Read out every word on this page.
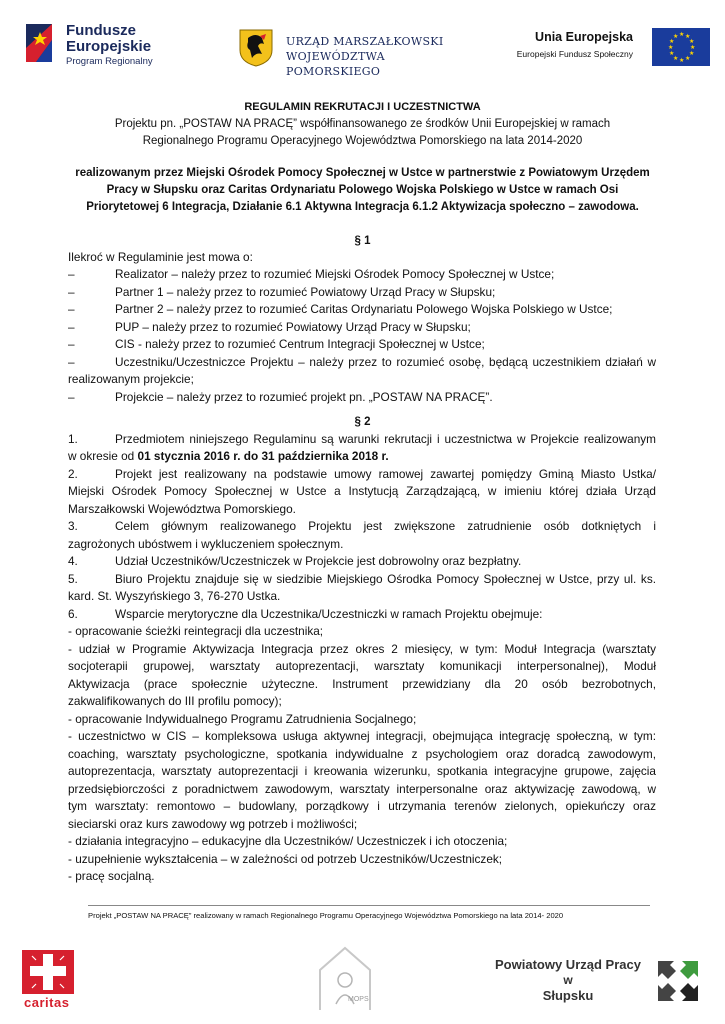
Fundusze
Europejskie
Program Regionalny
URZĄD MARSZAŁKOWSKI
WOJEWÓDZTWA POMORSKIEGO
Unia Europejska
Europejski Fundusz Społeczny
★ ★
★
★
★
★
★
★
★
★
★
★
REGULAMIN REKRUTACJI I UCZESTNICTWA
Projektu pn. „POSTAW NA PRACĘ” współfinansowanego ze środków Unii Europejskiej w ramach
Regionalnego Programu Operacyjnego Województwa Pomorskiego na lata 2014-2020
realizowanym przez Miejski Ośrodek Pomocy Społecznej w Ustce w partnerstwie z Powiatowym Urzędem
Pracy w Słupsku oraz Caritas Ordynariatu Polowego Wojska Polskiego w Ustce w ramach Osi
Priorytetowej 6 Integracja, Działanie 6.1 Aktywna Integracja 6.1.2 Aktywizacja społeczno – zawodowa.
§ 1
Ilekroć w Regulaminie jest mowa o:
–	Realizator – należy przez to rozumieć Miejski Ośrodek Pomocy Społecznej w Ustce;
–	Partner 1 – należy przez to rozumieć Powiatowy Urząd Pracy w Słupsku;
–	Partner 2 – należy przez to rozumieć Caritas Ordynariatu Polowego Wojska Polskiego w Ustce;
–	PUP – należy przez to rozumieć Powiatowy Urząd Pracy w Słupsku;
–	CIS - należy przez to rozumieć Centrum Integracji Społecznej w Ustce;
–	Uczestniku/Uczestniczce Projektu – należy przez to rozumieć osobę, będącą uczestnikiem działań w
realizowanym projekcie;
–	Projekcie – należy przez to rozumieć projekt pn. „POSTAW NA PRACĘ”.
§ 2
1.	Przedmiotem niniejszego Regulaminu są warunki rekrutacji i uczestnictwa w Projekcie realizowanym
w okresie od 01 stycznia 2016 r. do 31 października 2018 r.
2.	Projekt jest realizowany na podstawie umowy ramowej zawartej pomiędzy Gminą Miasto Ustka/
Miejski Ośrodek Pomocy Społecznej w Ustce a Instytucją Zarządzającą, w imieniu której działa Urząd
Marszałkowski Województwa Pomorskiego.
3.	Celem głównym realizowanego Projektu jest zwiększone zatrudnienie osób dotkniętych i
zagrożonych ubóstwem i wykluczeniem społecznym.
4.	Udział Uczestników/Uczestniczek w Projekcie jest dobrowolny oraz bezpłatny.
5.	Biuro Projektu znajduje się w siedzibie Miejskiego Ośrodka Pomocy Społecznej w Ustce, przy ul. ks.
kard. St. Wyszyńskiego 3, 76-270 Ustka.
6.	Wsparcie merytoryczne dla Uczestnika/Uczestniczki w ramach Projektu obejmuje:
- opracowanie ścieżki reintegracji dla uczestnika;
- udział w Programie Aktywizacja Integracja przez okres 2 miesięcy, w tym: Moduł Integracja (warsztaty
socjoterapii grupowej, warsztaty autoprezentacji, warsztaty komunikacji interpersonalnej), Moduł
Aktywizacja (prace społecznie użyteczne. Instrument przewidziany dla 20 osób bezrobotnych,
zakwalifikowanych do III profilu pomocy);
- opracowanie Indywidualnego Programu Zatrudnienia Socjalnego;
- uczestnictwo w CIS – kompleksowa usługa aktywnej integracji, obejmująca integrację społeczną, w tym:
coaching, warsztaty psychologiczne, spotkania indywidualne z psychologiem oraz doradcą zawodowym,
autoprezentacja, warsztaty autoprezentacji i kreowania wizerunku, spotkania integracyjne grupowe, zajęcia
przedsiębiorczości z poradnictwem zawodowym, warsztaty interpersonalne oraz aktywizację zawodową, w
tym warsztaty: remontowo – budowlany, porządkowy i utrzymania terenów zielonych, opiekuńczy oraz
sieciarski oraz kurs zawodowy wg potrzeb i możliwości;
- działania integracyjno – edukacyjne dla Uczestników/ Uczestniczek i ich otoczenia;
- uzupełnienie wykształcenia – w zależności od potrzeb Uczestników/Uczestniczek;
- pracę socjalną.
Projekt „POSTAW NA PRACĘ” realizowany w ramach Regionalnego Programu Operacyjnego Województwa Pomorskiego na lata 2014- 2020
caritas	MOPS
Powiatowy Urząd Pracy
w
Słupsku
